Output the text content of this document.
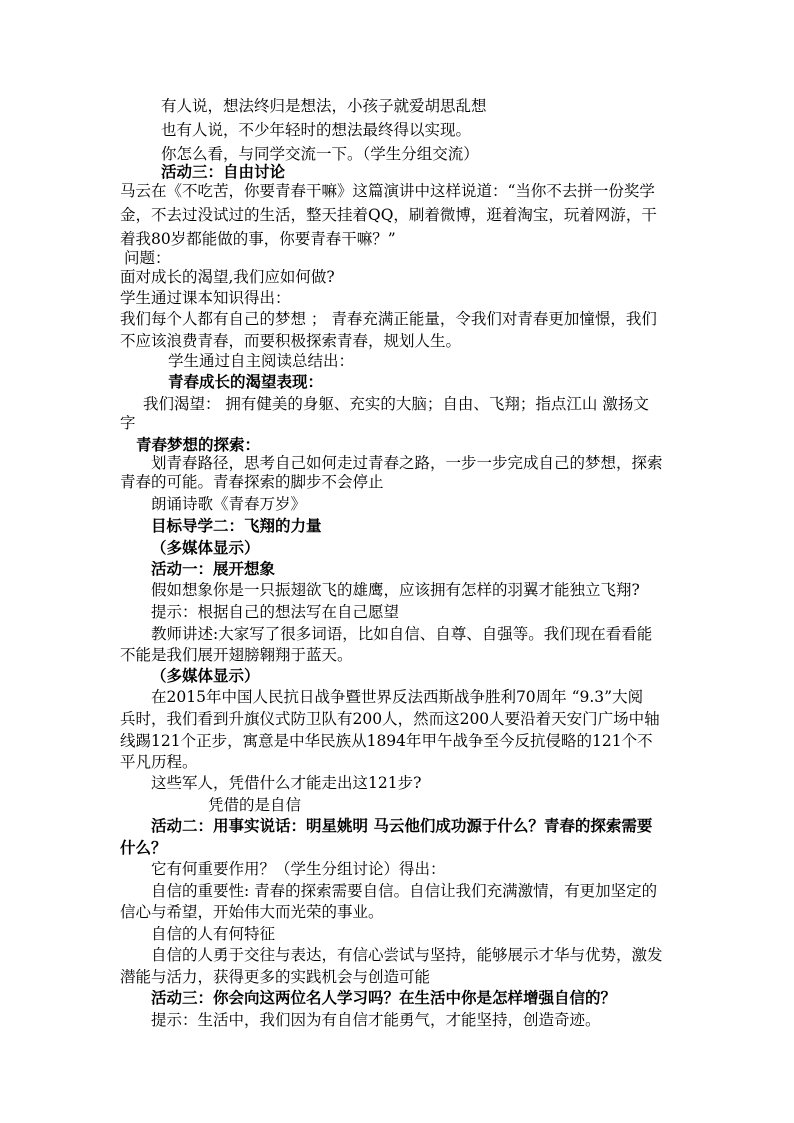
有人说，想法终归是想法，小孩子就爱胡思乱想
也有人说，不少年轻时的想法最终得以实现。
你怎么看，与同学交流一下。（学生分组交流）
活动三：自由讨论
马云在《不吃苦，你要青春干嘛》这篇演讲中这样说道：“当你不去拼一份奖学
金，不去过没试过的生活，整天挂着QQ，刷着微博，逛着淘宝，玩着网游，干
着我80岁都能做的事，你要青春干嘛？”
问题：
面对成长的渴望,我们应如何做?
学生通过课本知识得出：
我们每个人都有自己的梦想 ； 青春充满正能量，令我们对青春更加憧憬，我们
不应该浪费青春，而要积极探索青春，规划人生。
学生通过自主阅读总结出：
青春成长的渴望表现：
我们渴望： 拥有健美的身躯、充实的大脑；自由、飞翔；指点江山 激扬文
字
青春梦想的探索：
划青春路径，思考自己如何走过青春之路，一步一步完成自己的梦想，探索
青春的可能。青春探索的脚步不会停止
朗诵诗歌《青春万岁》
目标导学二：飞翔的力量
（多媒体显示）
活动一：展开想象
假如想象你是一只振翅欲飞的雄鹰，应该拥有怎样的羽翼才能独立飞翔?
提示：根据自己的想法写在自己愿望
教师讲述:大家写了很多词语，比如自信、自尊、自强等。我们现在看看能
不能是我们展开翅膀翱翔于蓝天。
（多媒体显示）
在2015年中国人民抗日战争暨世界反法西斯战争胜利70周年 “9.3”大阅
兵时，我们看到升旗仪式防卫队有200人，然而这200人要沿着天安门广场中轴
线踢121个正步，寓意是中华民族从1894年甲午战争至今反抗侵略的121个不
平凡历程。
这些军人，凭借什么才能走出这121步?
凭借的是自信
活动二：用事实说话：明星姚明 马云他们成功源于什么？青春的探索需要
什么？
它有何重要作用？（学生分组讨论）得出：
自信的重要性: 青春的探索需要自信。自信让我们充满激情，有更加坚定的
信心与希望，开始伟大而光荣的事业。
自信的人有何特征
自信的人勇于交往与表达，有信心尝试与坚持，能够展示才华与优势，激发
潜能与活力，获得更多的实践机会与创造可能
活动三：你会向这两位名人学习吗？在生活中你是怎样增强自信的？
提示：生活中，我们因为有自信才能勇气，才能坚持，创造奇迹。
